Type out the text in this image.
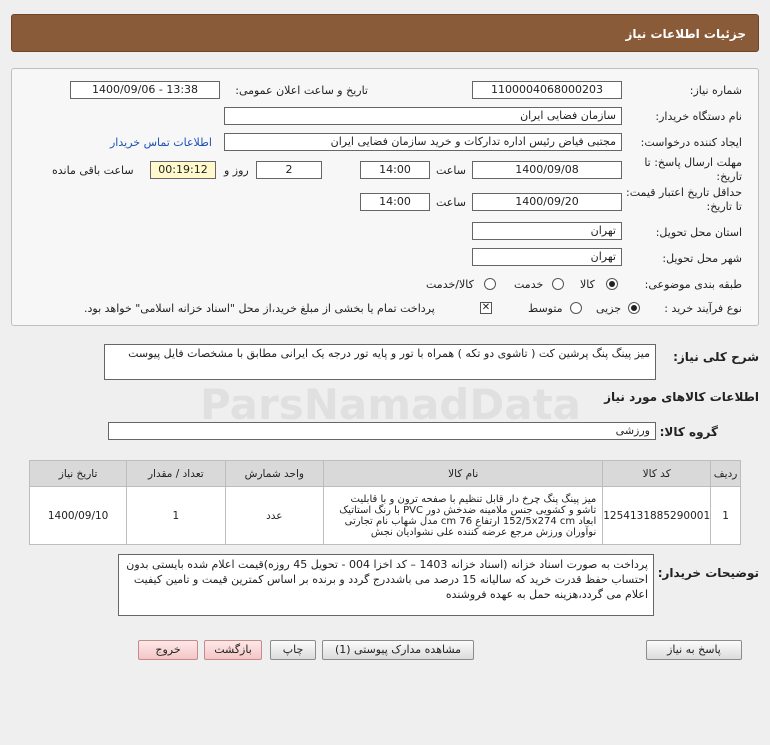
جزئیات اطلاعات نیاز
شماره نیاز:
1100004068000203
تاریخ و ساعت اعلان عمومی:
1400/09/06 - 13:38
نام دستگاه خریدار:
سازمان فضایی ایران
ایجاد کننده درخواست:
مجتبی فیاض رئیس اداره تدارکات و خرید سازمان فضایی ایران
اطلاعات تماس خریدار
مهلت ارسال پاسخ: تا تاریخ:
1400/09/08
ساعت
14:00
2
روز و
00:19:12
ساعت باقی مانده
حداقل تاریخ اعتبار قیمت: تا تاریخ:
1400/09/20
ساعت
14:00
استان محل تحویل:
تهران
شهر محل تحویل:
تهران
طبقه بندی موضوعی:
کالا
خدمت
کالا/خدمت
نوع فرآیند خرید :
جزیی
متوسط
✕
پرداخت تمام یا بخشی از مبلغ خرید،از محل "اسناد خزانه اسلامی" خواهد بود.
شرح کلی نیاز:
میز پینگ پنگ پرشین کت ( تاشوی دو تکه ) همراه با تور و پایه تور درجه یک ایرانی مطابق با مشخصات فایل پیوست
ParsNamadData اطلاعات کالاهای مورد نیاز
گروه کالا:
ورزشی
ردیف	کد کالا	نام کالا	واحد شمارش	تعداد / مقدار	تاریخ نیاز
1	1254131885290001	میز پینگ پنگ چرخ دار قابل تنظیم با صفحه ترون و با قابلیت تاشو و کشویی جنس ملامینه ضدخش دور PVC با رنگ استاتیک ابعاد 152/5x274 cm ارتفاع 76 cm مدل شهاب نام تجارتی نوآوران ورزش مرجع عرضه کننده علی نشوادیان نجش	عدد	1	1400/09/10
توضیحات خریدار:
پرداخت به صورت اسناد خزانه (اسناد خزانه 1403 – کد اخزا 004 - تحویل 45 روزه)قیمت اعلام شده بایستی بدون احتساب حفظ قدرت خرید که سالیانه 15 درصد می باشددرج گردد و برنده بر اساس کمترین قیمت و تامین کیفیت اعلام می گردد،هزینه حمل به عهده فروشنده
پاسخ به نیاز
مشاهده مدارک پیوستی (1)
چاپ
بازگشت
خروج
